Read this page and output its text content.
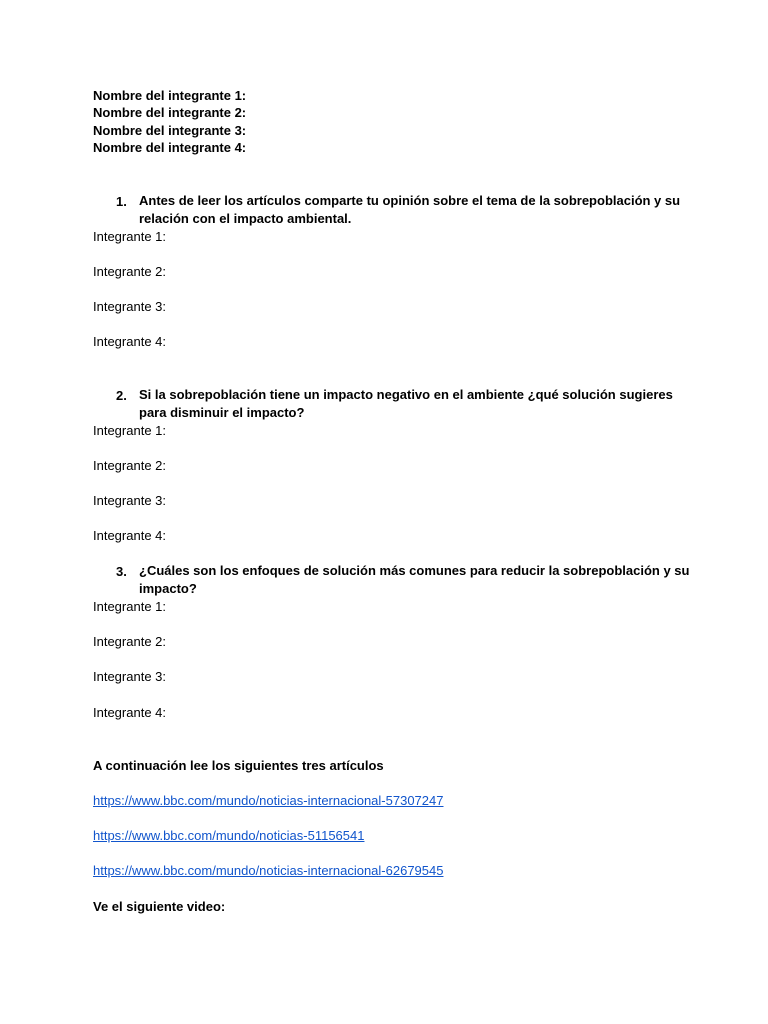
Nombre del integrante 1:
Nombre del integrante 2:
Nombre del integrante 3:
Nombre del integrante 4:
1. Antes de leer los artículos comparte tu opinión sobre el tema de la sobrepoblación y su relación con el impacto ambiental.
Integrante 1:
Integrante 2:
Integrante 3:
Integrante 4:
2. Si la sobrepoblación tiene un impacto negativo en el ambiente ¿qué solución sugieres para disminuir el impacto?
Integrante 1:
Integrante 2:
Integrante 3:
Integrante 4:
3. ¿Cuáles son los enfoques de solución más comunes para reducir la sobrepoblación y su impacto?
Integrante 1:
Integrante 2:
Integrante 3:
Integrante 4:
A continuación lee los siguientes tres artículos
https://www.bbc.com/mundo/noticias-internacional-57307247
https://www.bbc.com/mundo/noticias-51156541
https://www.bbc.com/mundo/noticias-internacional-62679545
Ve el siguiente video:
